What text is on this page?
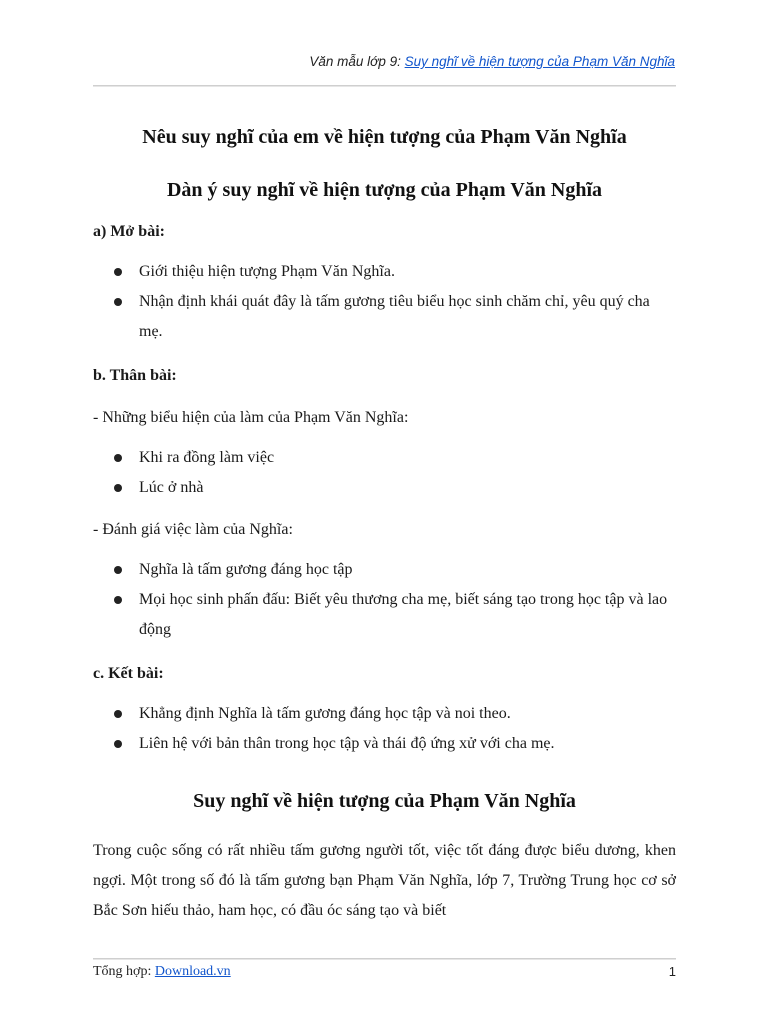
Văn mẫu lớp 9: Suy nghĩ về hiện tượng của Phạm Văn Nghĩa
Nêu suy nghĩ của em về hiện tượng của Phạm Văn Nghĩa
Dàn ý suy nghĩ về hiện tượng của Phạm Văn Nghĩa

a) Mở bài:

Giới thiệu hiện tượng Phạm Văn Nghĩa.
Nhận định khái quát đây là tấm gương tiêu biểu học sinh chăm chỉ, yêu quý cha mẹ.

b. Thân bài:

- Những biểu hiện của làm của Phạm Văn Nghĩa:

Khi ra đồng làm việc
Lúc ở nhà

- Đánh giá việc làm của Nghĩa:

Nghĩa là tấm gương đáng học tập
Mọi học sinh phấn đấu: Biết yêu thương cha mẹ, biết sáng tạo trong học tập và lao động

c. Kết bài:

Khẳng định Nghĩa là tấm gương đáng học tập và noi theo.
Liên hệ với bản thân trong học tập và thái độ ứng xử với cha mẹ.
Suy nghĩ về hiện tượng của Phạm Văn Nghĩa

Trong cuộc sống có rất nhiều tấm gương người tốt, việc tốt đáng được biểu dương, khen ngợi. Một trong số đó là tấm gương bạn Phạm Văn Nghĩa, lớp 7, Trường Trung học cơ sở Bắc Sơn hiếu thảo, ham học, có đầu óc sáng tạo và biết

Tổng hợp: Download.vn	1
